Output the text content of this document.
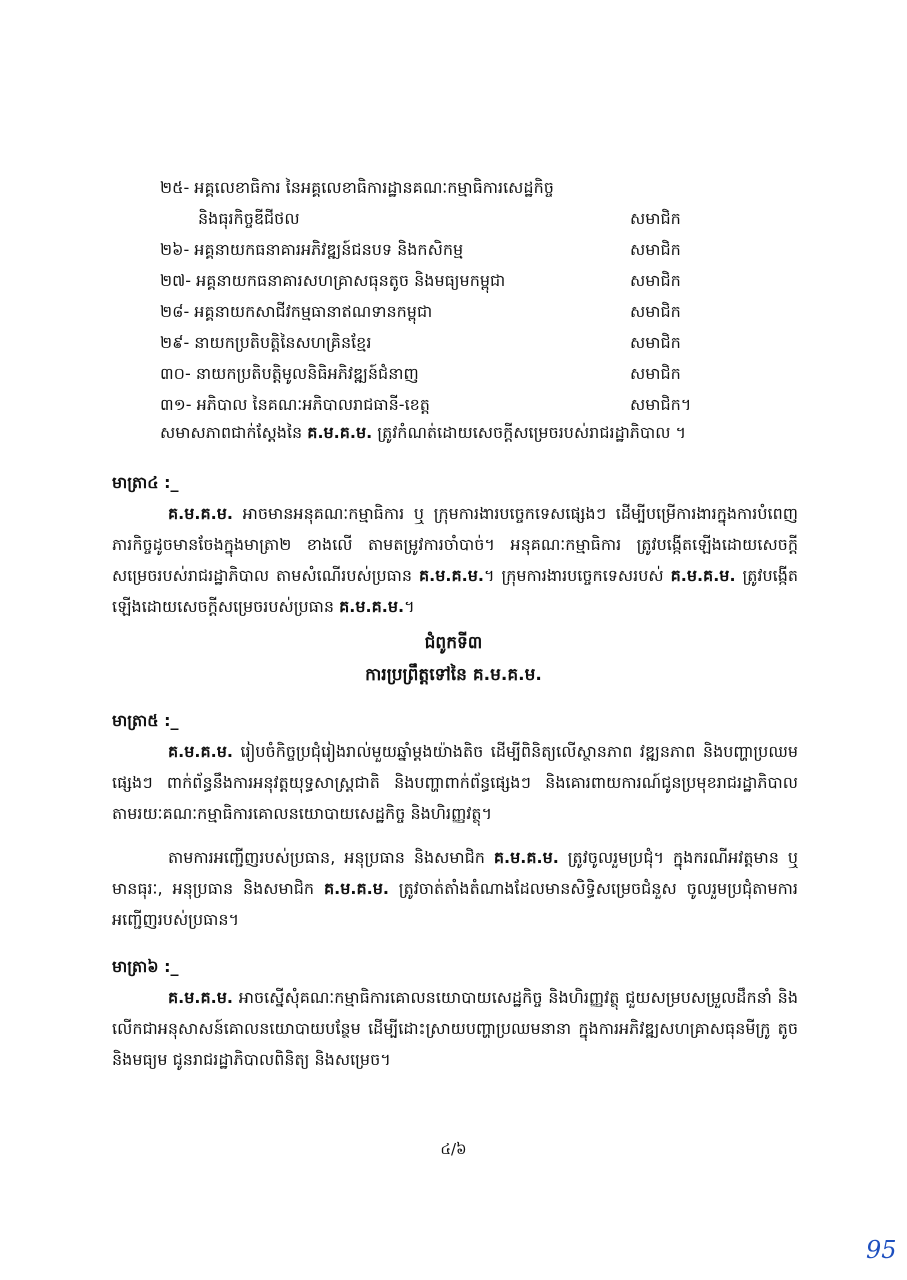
២៥- អគ្គលេខាធិការ នៃអគ្គលេខាធិការដ្ឋានគណៈកម្មាធិការសេដ្ឋកិច្ច
និងធុរកិច្ចឌីជីថល	សមាជិក
២៦- អគ្គនាយកធនាគារអភិវឌ្ឍន៍ជនបទ និងកសិកម្ម	សមាជិក
២៧- អគ្គនាយកធនាគារសហគ្រាសធុនតូច និងមធ្យមកម្ពុជា	សមាជិក
២៨- អគ្គនាយកសាជីវកម្មធានាឥណទានកម្ពុជា	សមាជិក
២៩- នាយកប្រតិបត្តិនៃសហគ្រិនខ្មែរ	សមាជិក
៣០- នាយកប្រតិបត្តិមូលនិធិអភិវឌ្ឍន៍ជំនាញ	សមាជិក
៣១- អភិបាល នៃគណៈអភិបាលរាជធានី-ខេត្ត	សមាជិក។
សមាសភាពជាក់ស្តែងនៃ គ.ម.គ.ម. ត្រូវកំណត់ដោយសេចក្តីសម្រេចរបស់រាជរដ្ឋាភិបាល ។
មាត្រា៤ :_
គ.ម.គ.ម. អាចមានអនុគណៈកម្មាធិការ ឬ ក្រុមការងារបច្ចេកទេសផ្សេងៗ ដើម្បីបម្រើការងារក្នុងការបំពេញភារកិច្ចដូចមានចែងក្នុងមាត្រា២ ខាងលើ តាមតម្រូវការចាំបាច់។ អនុគណៈកម្មាធិការ ត្រូវបង្កើតឡើងដោយសេចក្តីសម្រេចរបស់រាជរដ្ឋាភិបាល តាមសំណើរបស់ប្រធាន គ.ម.គ.ម.។ ក្រុមការងារបច្ចេកទេសរបស់ គ.ម.គ.ម. ត្រូវបង្កើតឡើងដោយសេចក្តីសម្រេចរបស់ប្រធាន គ.ម.គ.ម.។
ជំពូកទី៣
ការប្រព្រឹត្តទៅនៃ គ.ម.គ.ម.
មាត្រា៥ :_
គ.ម.គ.ម. រៀបចំកិច្ចប្រជុំរៀងរាល់មួយឆ្នាំម្តងយ៉ាងតិច ដើម្បីពិនិត្យលើស្ថានភាព វឌ្ឍនភាព និងបញ្ហាប្រឈមផ្សេងៗ ពាក់ព័ន្ធនឹងការអនុវត្តយុទ្ធសាស្ត្រជាតិ និងបញ្ហាពាក់ព័ន្ធផ្សេងៗ និងគោរពាយការណ៍ជូនប្រមុខរាជរដ្ឋាភិបាល តាមរយៈគណៈកម្មាធិការគោលនយោបាយសេដ្ឋកិច្ច និងហិរញ្ញវត្ថុ។
តាមការអញ្ជើញរបស់ប្រធាន, អនុប្រធាន និងសមាជិក គ.ម.គ.ម. ត្រូវចូលរួមប្រជុំ។ ក្នុងករណីអវត្តមាន ឬ មានធុរៈ, អនុប្រធាន និងសមាជិក គ.ម.គ.ម. ត្រូវចាត់តាំងតំណាងដែលមានសិទ្ធិសម្រេចជំនួស ចូលរួមប្រជុំតាមការអញ្ជើញរបស់ប្រធាន។
មាត្រា៦ :_
គ.ម.គ.ម. អាចស្នើសុំគណៈកម្មាធិការគោលនយោបាយសេដ្ឋកិច្ច និងហិរញ្ញវត្ថុ ជួយសម្របសម្រួលដឹកនាំ និងលើកជាអនុសាសន៍គោលនយោបាយបន្ថែម ដើម្បីដោះស្រាយបញ្ហាប្រឈមនានា ក្នុងការអភិវឌ្ឍសហគ្រាសធុនមីក្រូ តូច និងមធ្យម ជូនរាជរដ្ឋាភិបាលពិនិត្យ និងសម្រេច។
៤/៦
95
